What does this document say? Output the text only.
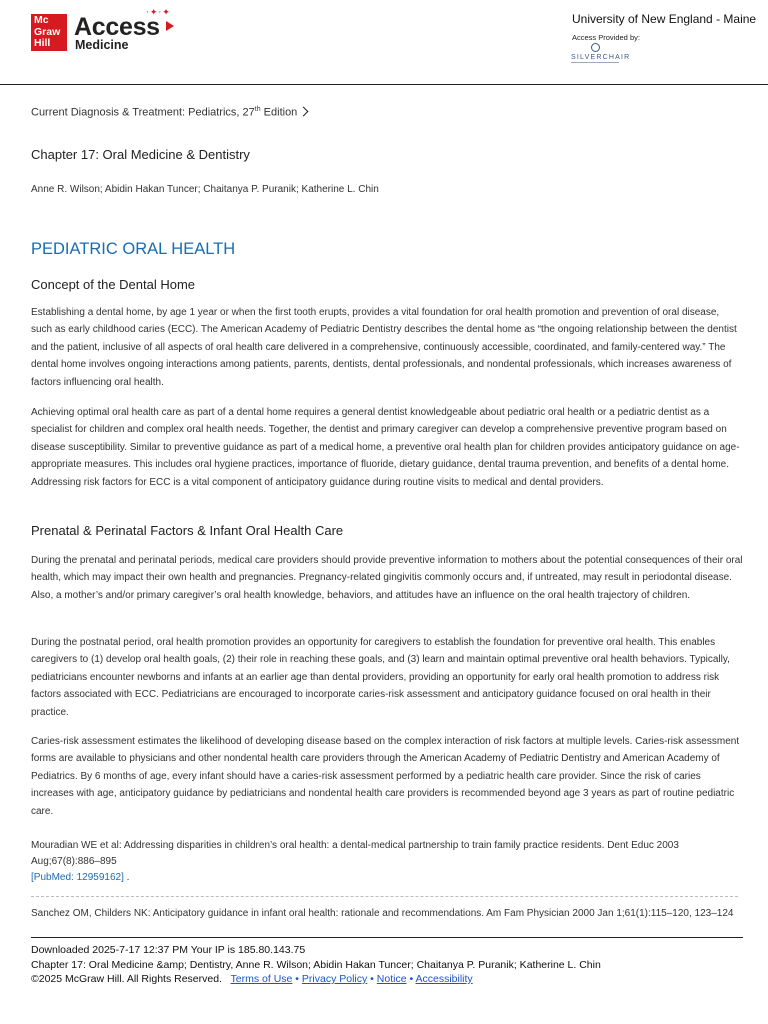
Mc
Graw
Hill
Access
Medicine
·✦·✦	University of New England - Maine
Access Provided by:
SILVERCHAIR
Current Diagnosis & Treatment: Pediatrics, 27th Edition
Chapter 17: Oral Medicine & Dentistry
Anne R. Wilson; Abidin Hakan Tuncer; Chaitanya P. Puranik; Katherine L. Chin
PEDIATRIC ORAL HEALTH
Concept of the Dental Home

Establishing a dental home, by age 1 year or when the first tooth erupts, provides a vital foundation for oral health promotion and prevention of oral disease, such as early childhood caries (ECC). The American Academy of Pediatric Dentistry describes the dental home as “the ongoing relationship between the dentist and the patient, inclusive of all aspects of oral health care delivered in a comprehensive, continuously accessible, coordinated, and family-centered way.” The dental home involves ongoing interactions among patients, parents, dentists, dental professionals, and nondental professionals, which increases awareness of factors influencing oral health.

Achieving optimal oral health care as part of a dental home requires a general dentist knowledgeable about pediatric oral health or a pediatric dentist as a specialist for children and complex oral health needs. Together, the dentist and primary caregiver can develop a comprehensive preventive program based on disease susceptibility. Similar to preventive guidance as part of a medical home, a preventive oral health plan for children provides anticipatory guidance on age-appropriate measures. This includes oral hygiene practices, importance of fluoride, dietary guidance, dental trauma prevention, and benefits of a dental home. Addressing risk factors for ECC is a vital component of anticipatory guidance during routine visits to medical and dental providers.

Prenatal & Perinatal Factors & Infant Oral Health Care

During the prenatal and perinatal periods, medical care providers should provide preventive information to mothers about the potential consequences of their oral health, which may impact their own health and pregnancies. Pregnancy-related gingivitis commonly occurs and, if untreated, may result in periodontal disease. Also, a mother’s and/or primary caregiver’s oral health knowledge, behaviors, and attitudes have an influence on the oral health trajectory of children.

During the postnatal period, oral health promotion provides an opportunity for caregivers to establish the foundation for preventive oral health. This enables caregivers to (1) develop oral health goals, (2) their role in reaching these goals, and (3) learn and maintain optimal preventive oral health behaviors. Typically, pediatricians encounter newborns and infants at an earlier age than dental providers, providing an opportunity for early oral health promotion to address risk factors associated with ECC. Pediatricians are encouraged to incorporate caries-risk assessment and anticipatory guidance focused on oral health in their practice.

Caries-risk assessment estimates the likelihood of developing disease based on the complex interaction of risk factors at multiple levels. Caries-risk assessment forms are available to physicians and other nondental health care providers through the American Academy of Pediatric Dentistry and American Academy of Pediatrics. By 6 months of age, every infant should have a caries-risk assessment performed by a pediatric health care provider. Since the risk of caries increases with age, anticipatory guidance by pediatricians and nondental health care providers is recommended beyond age 3 years as part of routine pediatric care.

Mouradian WE et al: Addressing disparities in children’s oral health: a dental-medical partnership to train family practice residents. Dent Educ 2003 Aug;67(8):886–895
[PubMed: 12959162] .
Sanchez OM, Childers NK: Anticipatory guidance in infant oral health: rationale and recommendations. Am Fam Physician 2000 Jan 1;61(1):115–120, 123–124
Downloaded 2025-7-17 12:37 PM Your IP is 185.80.143.75
Chapter 17: Oral Medicine &amp; Dentistry, Anne R. Wilson; Abidin Hakan Tuncer; Chaitanya P. Puranik; Katherine L. Chin
©2025 McGraw Hill. All Rights Reserved. Terms of Use • Privacy Policy • Notice • Accessibility
